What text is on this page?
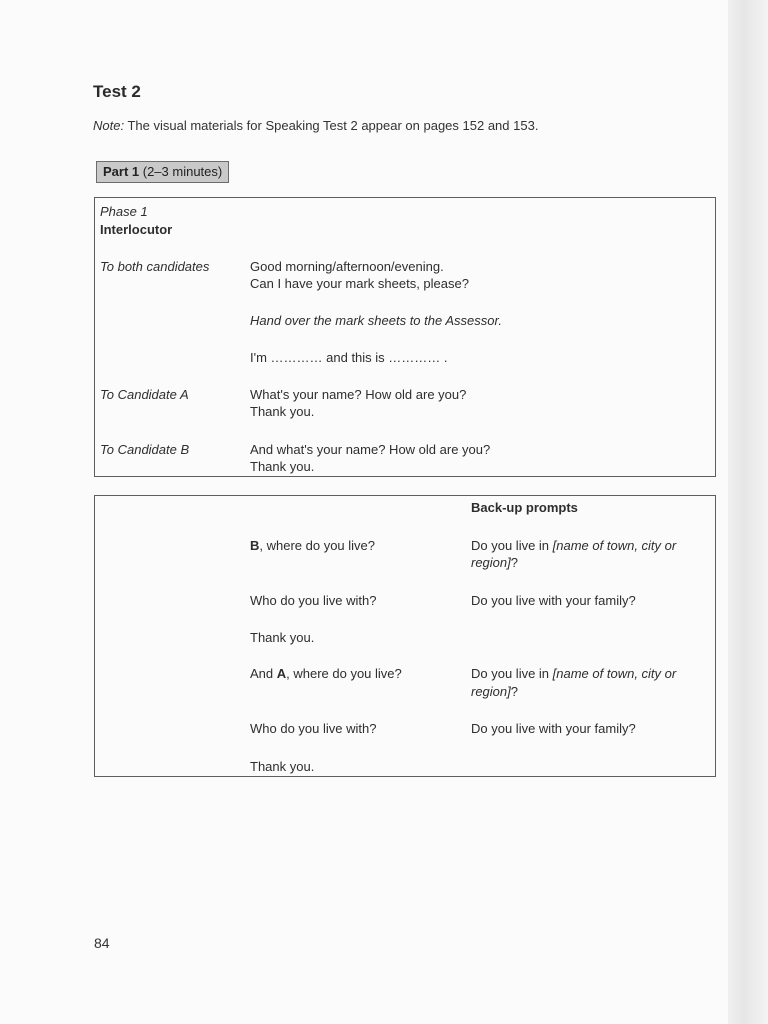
Test 2
Note: The visual materials for Speaking Test 2 appear on pages 152 and 153.
Part 1 (2–3 minutes)
Phase 1
Interlocutor
To both candidates	Good morning/afternoon/evening.
Can I have your mark sheets, please?
Hand over the mark sheets to the Assessor.
I'm ………… and this is ………… .
To Candidate A	What's your name? How old are you?
Thank you.
To Candidate B	And what's your name? How old are you?
Thank you.
Back-up prompts
B, where do you live?	Do you live in [name of town, city or
region]?
Who do you live with?	Do you live with your family?
Thank you.
And A, where do you live?	Do you live in [name of town, city or
region]?
Who do you live with?	Do you live with your family?
Thank you.
84
